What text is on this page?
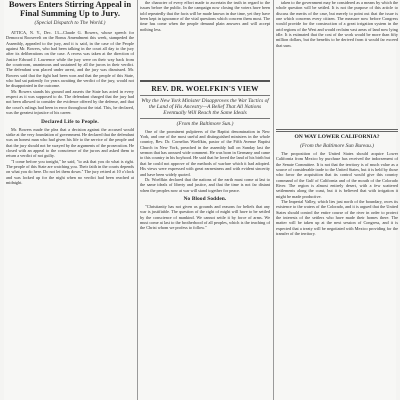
Bowers Enters Stirring Appeal in Final Summing Up to Jury.
(Special Dispatch to The World.)

ATTICA, N. Y., Dec. 13—Claude G. Bowers, whose speech for Democrat Roosevelt on the Bonus Amendment this week, stampeded the Assembly, appealed to the jury, and it is said, in the case of the People against Mr. Bowers, who had been talking in the court all day to the jury after its deliberations on the case. A recess was taken at the direction of Justice Edward J. Lawrence while the jury were on their way back from the courtroom, unanimous and sustained by all the jurors in their verdict. The defendant was placed under arrest, and the jury was dismissed. Mr. Bowers said that the fight had been won and that the people of this State, who had sat patiently for years awaiting the verdict of the jury, would not be disappointed in the outcome.

Mr. Bowers stands his ground and asserts the State has acted in every respect as it was supposed to do. The defendant charged that the jury had not been allowed to consider the evidence offered by the defense, and that the court's rulings had been in error throughout the trial. This, he declared, was the greatest injustice of his career.

Declared Life to People.

Mr. Bowers made the plea that a decision against the accused would strike at the very foundation of government. He declared that the defendant was an honest man who had given his life to the service of the people and that the jury should not be swayed by the arguments of the prosecution. He closed with an appeal to the conscience of the jurors and asked them to return a verdict of not guilty.

"I come before you tonight," he said, "to ask that you do what is right. The people of this State are watching you. Their faith in the courts depends on what you do here. Do not let them down." The jury retired at 10 o'clock and was locked up for the night when no verdict had been reached at midnight.

the character of every effort made to ascertain the truth in regard to the issues before the public. In the campaign now closing the voters have been told repeatedly that the facts will be made known in due time, yet they have been kept in ignorance of the vital questions which concern them most. The time has come when the people demand plain answers and will accept nothing less.

REV. DR. WOELFKIN'S VIEW
Why the New York Minister Disapproves the War Tactics of the Land of His Ancestry—A Belief That All Nations Eventually Will Reach the Same Ideals
(From the Baltimore Sun.)

One of the prominent pulpiteers of the Baptist denomination in New York, and one of the most useful and distinguished ministers in the whole country, Rev. Dr. Cornelius Woelfkin, pastor of the Fifth Avenue Baptist Church in New York, preached in the assembly hall on Sunday last the sermon that has aroused wide comment. He was born in Germany and came to this country in his boyhood. He said that he loved the land of his birth but that he could not approve of the methods of warfare which it had adopted. His views were expressed with great earnestness and with evident sincerity and have been widely quoted.

Dr. Woelfkin declared that the nations of the earth must come at last to the same ideals of liberty and justice, and that the time is not far distant when the peoples now at war will stand together for peace.

No Blood Sodden.

"Christianity has not given us grounds and reasons for beliefs that any war is justifiable. The question of the right of might will have to be settled by the conscience of mankind. We cannot settle it by force of arms. We must come at last to the brotherhood of all peoples, which is the teaching of the Christ whom we profess to follow."

taken to the government may be considered as a means by which the whole question will be settled. It is not the purpose of this article to discuss the merits of the case, but merely to point out that the issue is one which concerns every citizen. The measure now before Congress would provide for the construction of a great irrigation system in the arid regions of the West and would reclaim vast areas of land now lying idle. It is estimated that the cost of the work would be more than fifty million dollars, but the benefits to be derived from it would far exceed that sum.

ON WAY LOWER CALIFORNIA?
(From the Baltimore Sun Bureau.)

The proposition of the United States should acquire Lower California from Mexico by purchase has received the indorsement of the Senate Committee. It is not that the territory is of much value as a source of considerable trade to the United States, but it is held by those who favor the acquisition that its control would give this country command of the Gulf of California and of the mouth of the Colorado River. The region is almost entirely desert, with a few scattered settlements along the coast, but it is believed that with irrigation it might be made productive.

The Imperial Valley, which lies just north of the boundary, owes its existence to the waters of the Colorado, and it is argued that the United States should control the entire course of the river in order to protect the interests of the settlers who have made their homes there. The matter will be taken up at the next session of Congress, and it is expected that a treaty will be negotiated with Mexico providing for the transfer of the territory.
